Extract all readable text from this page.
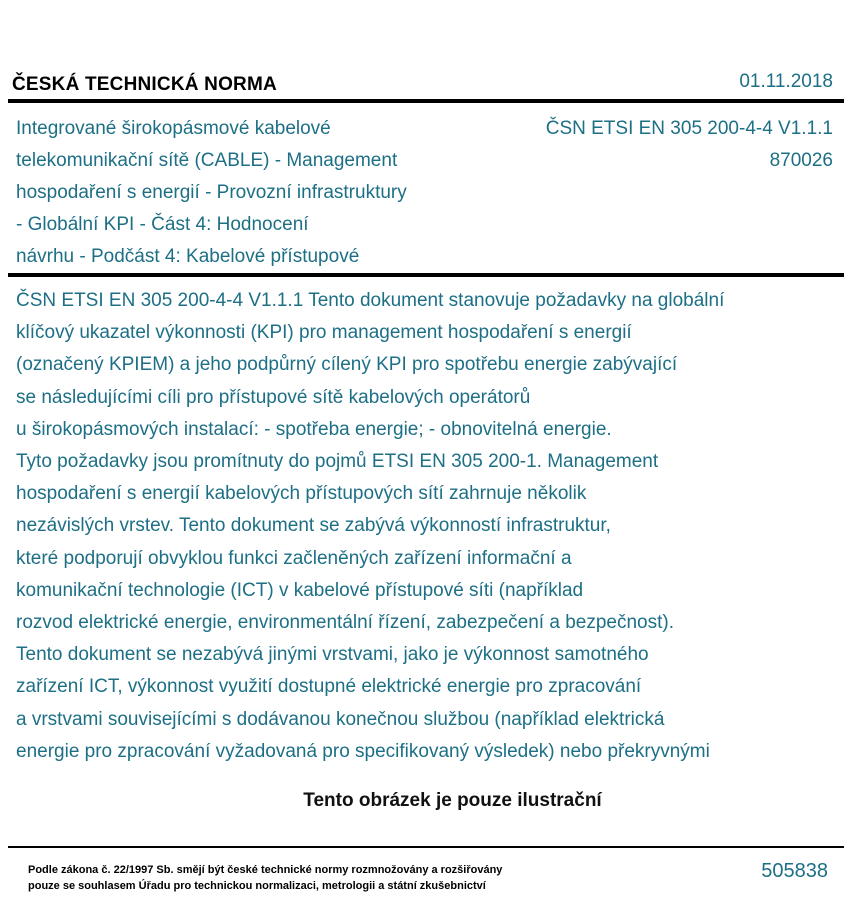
ČESKÁ TECHNICKÁ NORMA	01.11.2018
Integrované širokopásmové kabelové
telekomunikační sítě (CABLE) - Management
hospodaření s energií - Provozní infrastruktury
- Globální KPI - Část 4: Hodnocení
návrhu - Podčást 4: Kabelové přístupové
ČSN ETSI EN 305 200-4-4 V1.1.1
870026
ČSN ETSI EN 305 200-4-4 V1.1.1 Tento dokument stanovuje požadavky na globální
klíčový ukazatel výkonnosti (KPI) pro management hospodaření s energií
(označený KPIEM) a jeho podpůrný cílený KPI pro spotřebu energie zabývající
se následujícími cíli pro přístupové sítě kabelových operátorů
u širokopásmových instalací: - spotřeba energie; - obnovitelná energie.
Tyto požadavky jsou promítnuty do pojmů ETSI EN 305 200-1. Management
hospodaření s energií kabelových přístupových sítí zahrnuje několik
nezávislých vrstev. Tento dokument se zabývá výkonností infrastruktur,
které podporují obvyklou funkci začleněných zařízení informační a
komunikační technologie (ICT) v kabelové přístupové síti (například
rozvod elektrické energie, environmentální řízení, zabezpečení a bezpečnost).
Tento dokument se nezabývá jinými vrstvami, jako je výkonnost samotného
zařízení ICT, výkonnost využití dostupné elektrické energie pro zpracování
a vrstvami souvisejícími s dodávanou konečnou službou (například elektrická
energie pro zpracování vyžadovaná pro specifikovaný výsledek) nebo překryvnými
Tento obrázek je pouze ilustrační
Podle zákona č. 22/1997 Sb. smějí být české technické normy rozmnožovány a rozšiřovány
pouze se souhlasem Úřadu pro technickou normalizaci, metrologii a státní zkušebnictví
505838
